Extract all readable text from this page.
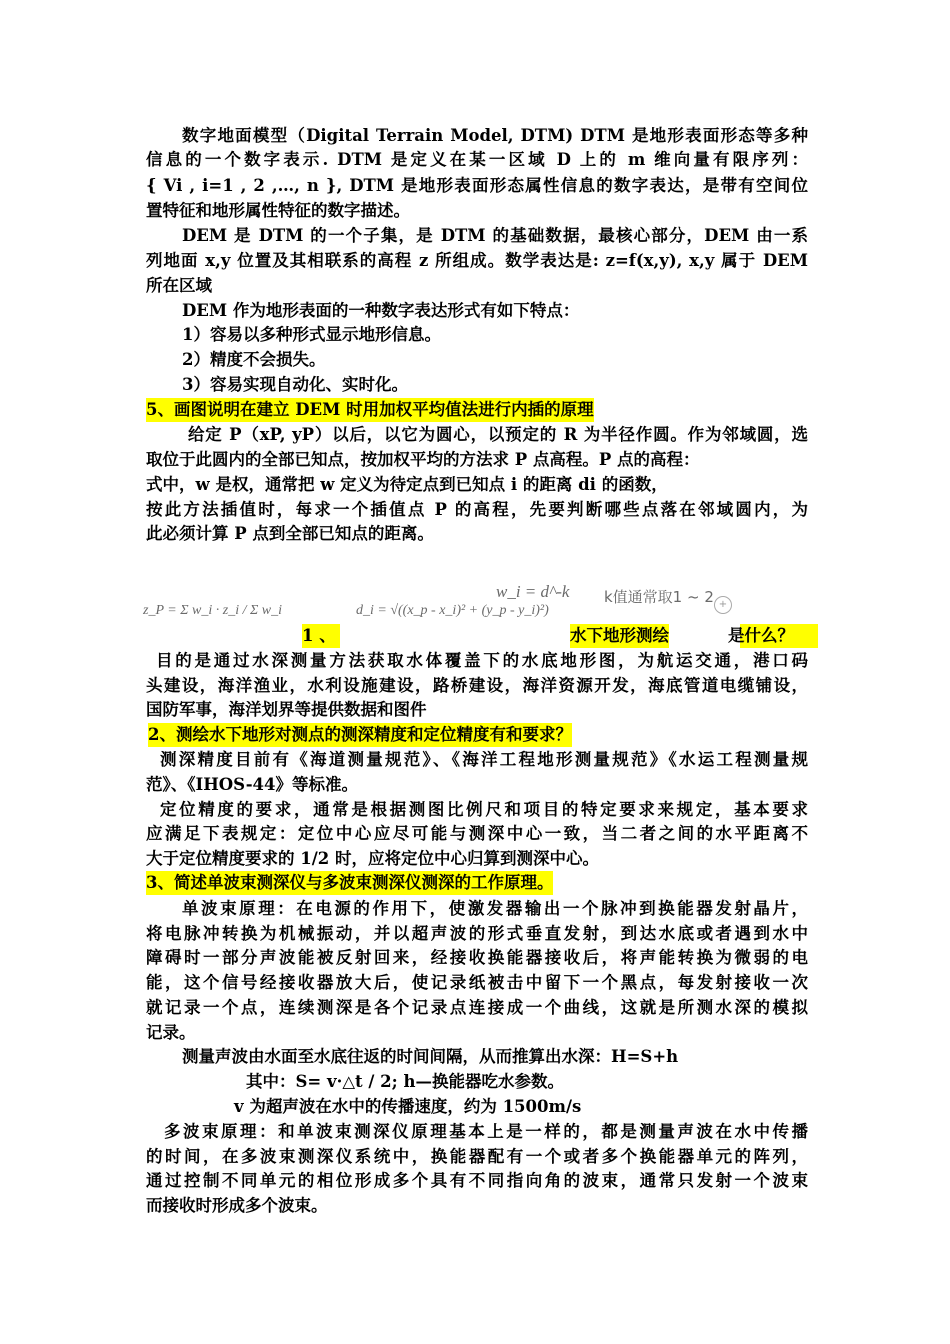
数字地面模型（Digital Terrain Model, DTM) DTM 是地形表面形态等多种
信息的一个数字表示. DTM 是定义在某一区域 D 上的 m 维向量有限序列：
{ Vi , i=1 , 2 ,…, n }, DTM 是地形表面形态属性信息的数字表达，是带有空间位
置特征和地形属性特征的数字描述。
DEM 是 DTM 的一个子集，是 DTM 的基础数据，最核心部分，DEM 由一系
列地面 x,y 位置及其相联系的高程 z 所组成。数学表达是: z=f(x,y), x,y 属于 DEM
所在区域
DEM 作为地形表面的一种数字表达形式有如下特点：
1）容易以多种形式显示地形信息。
2）精度不会损失。
3）容易实现自动化、实时化。
5、画图说明在建立 DEM 时用加权平均值法进行内插的原理
给定 P（xP, yP）以后，以它为圆心，以预定的 R 为半径作圆。作为邻域圆，选
取位于此圆内的全部已知点，按加权平均的方法求 P 点高程。P 点的高程：
式中，w 是权，通常把 w 定义为待定点到已知点 i 的距离 di 的函数，
按此方法插值时，每求一个插值点 P 的高程，先要判断哪些点落在邻域圆内，为
此必须计算 P 点到全部已知点的距离。
w_i = d^-k k值通常取1 ~ 2 +
z_P = Σ w_i · z_i / Σ w_i	d_i = √((x_p - x_i)² + (y_p - y_i)²)
1 、	水下地形测绘	是什么？
目的是通过水深测量方法获取水体覆盖下的水底地形图，为航运交通，港口码
头建设，海洋渔业，水利设施建设，路桥建设，海洋资源开发，海底管道电缆铺设，
国防军事，海洋划界等提供数据和图件
2、测绘水下地形对测点的测深精度和定位精度有和要求？
测深精度目前有《海道测量规范》、《海洋工程地形测量规范》《水运工程测量规
范》、《IHOS-44》等标准。
定位精度的要求，通常是根据测图比例尺和项目的特定要求来规定，基本要求
应满足下表规定：定位中心应尽可能与测深中心一致，当二者之间的水平距离不
大于定位精度要求的 1/2 时，应将定位中心归算到测深中心。
3、简述单波束测深仪与多波束测深仪测深的工作原理。
单波束原理：在电源的作用下，使激发器输出一个脉冲到换能器发射晶片，
将电脉冲转换为机械振动，并以超声波的形式垂直发射，到达水底或者遇到水中
障碍时一部分声波能被反射回来，经接收换能器接收后，将声能转换为微弱的电
能，这个信号经接收器放大后，使记录纸被击中留下一个黑点，每发射接收一次
就记录一个点，连续测深是各个记录点连接成一个曲线，这就是所测水深的模拟
记录。
测量声波由水面至水底往返的时间间隔，从而推算出水深：H=S+h
其中：S= v·△t / 2; h—换能器吃水参数。
v 为超声波在水中的传播速度，约为 1500m/s
多波束原理：和单波束测深仪原理基本上是一样的，都是测量声波在水中传播
的时间，在多波束测深仪系统中，换能器配有一个或者多个换能器单元的阵列，
通过控制不同单元的相位形成多个具有不同指向角的波束，通常只发射一个波束
而接收时形成多个波束。
